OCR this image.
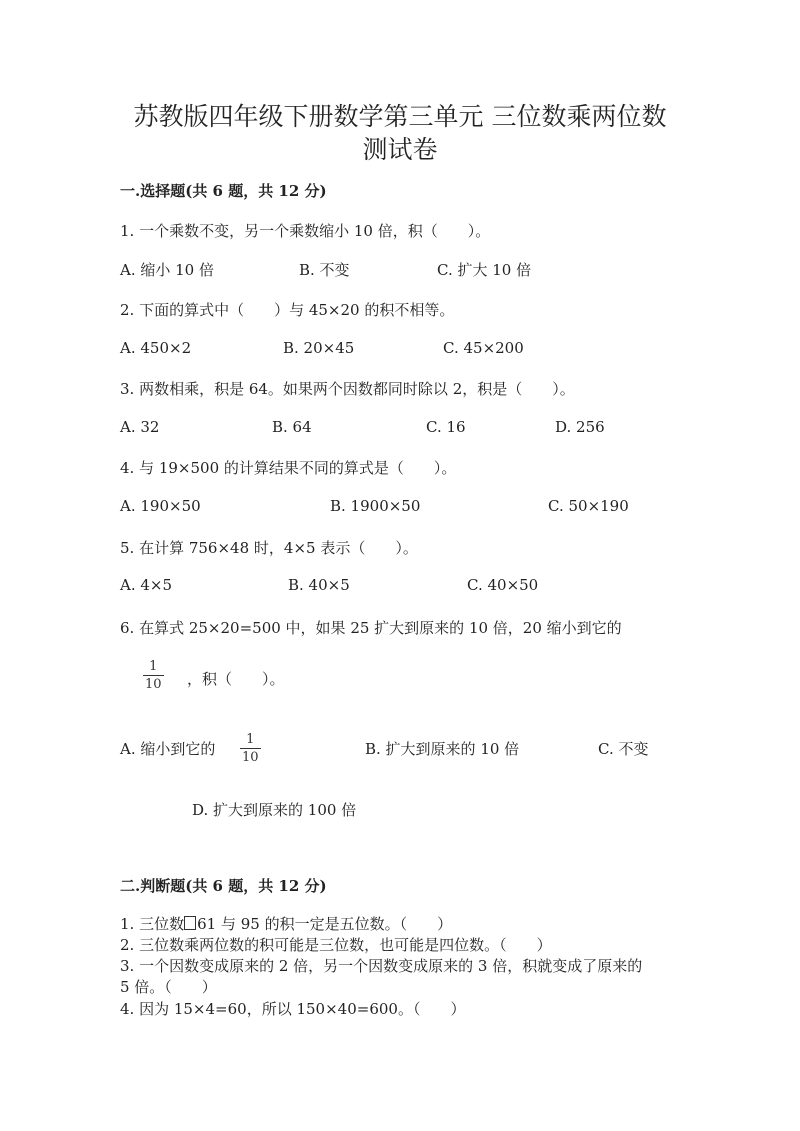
苏教版四年级下册数学第三单元 三位数乘两位数
测试卷
一.选择题(共 6 题，共 12 分)
1. 一个乘数不变，另一个乘数缩小 10 倍，积（　　）。
A. 缩小 10 倍	B. 不变	C. 扩大 10 倍
2. 下面的算式中（　　）与 45×20 的积不相等。
A. 450×2	B. 20×45	C. 45×200
3. 两数相乘，积是 64。如果两个因数都同时除以 2，积是（　　）。
A. 32	B. 64	C. 16	D. 256
4. 与 19×500 的计算结果不同的算式是（　　）。
A. 190×50	B. 1900×50	C. 50×190
5. 在计算 756×48 时，4×5 表示（　　）。
A. 4×5	B. 40×5	C. 40×50
6. 在算式 25×20=500 中，如果 25 扩大到原来的 10 倍，20 缩小到它的
1
10 ，积（　　）。
A. 缩小到它的
1
10	B. 扩大到原来的 10 倍	C. 不变
D. 扩大到原来的 100 倍
二.判断题(共 6 题，共 12 分)
1. 三位数 61 与 95 的积一定是五位数。（　　）
2. 三位数乘两位数的积可能是三位数，也可能是四位数。（　　）
3. 一个因数变成原来的 2 倍，另一个因数变成原来的 3 倍，积就变成了原来的
5 倍。（　　）
4. 因为 15×4=60，所以 150×40=600。（　　）
